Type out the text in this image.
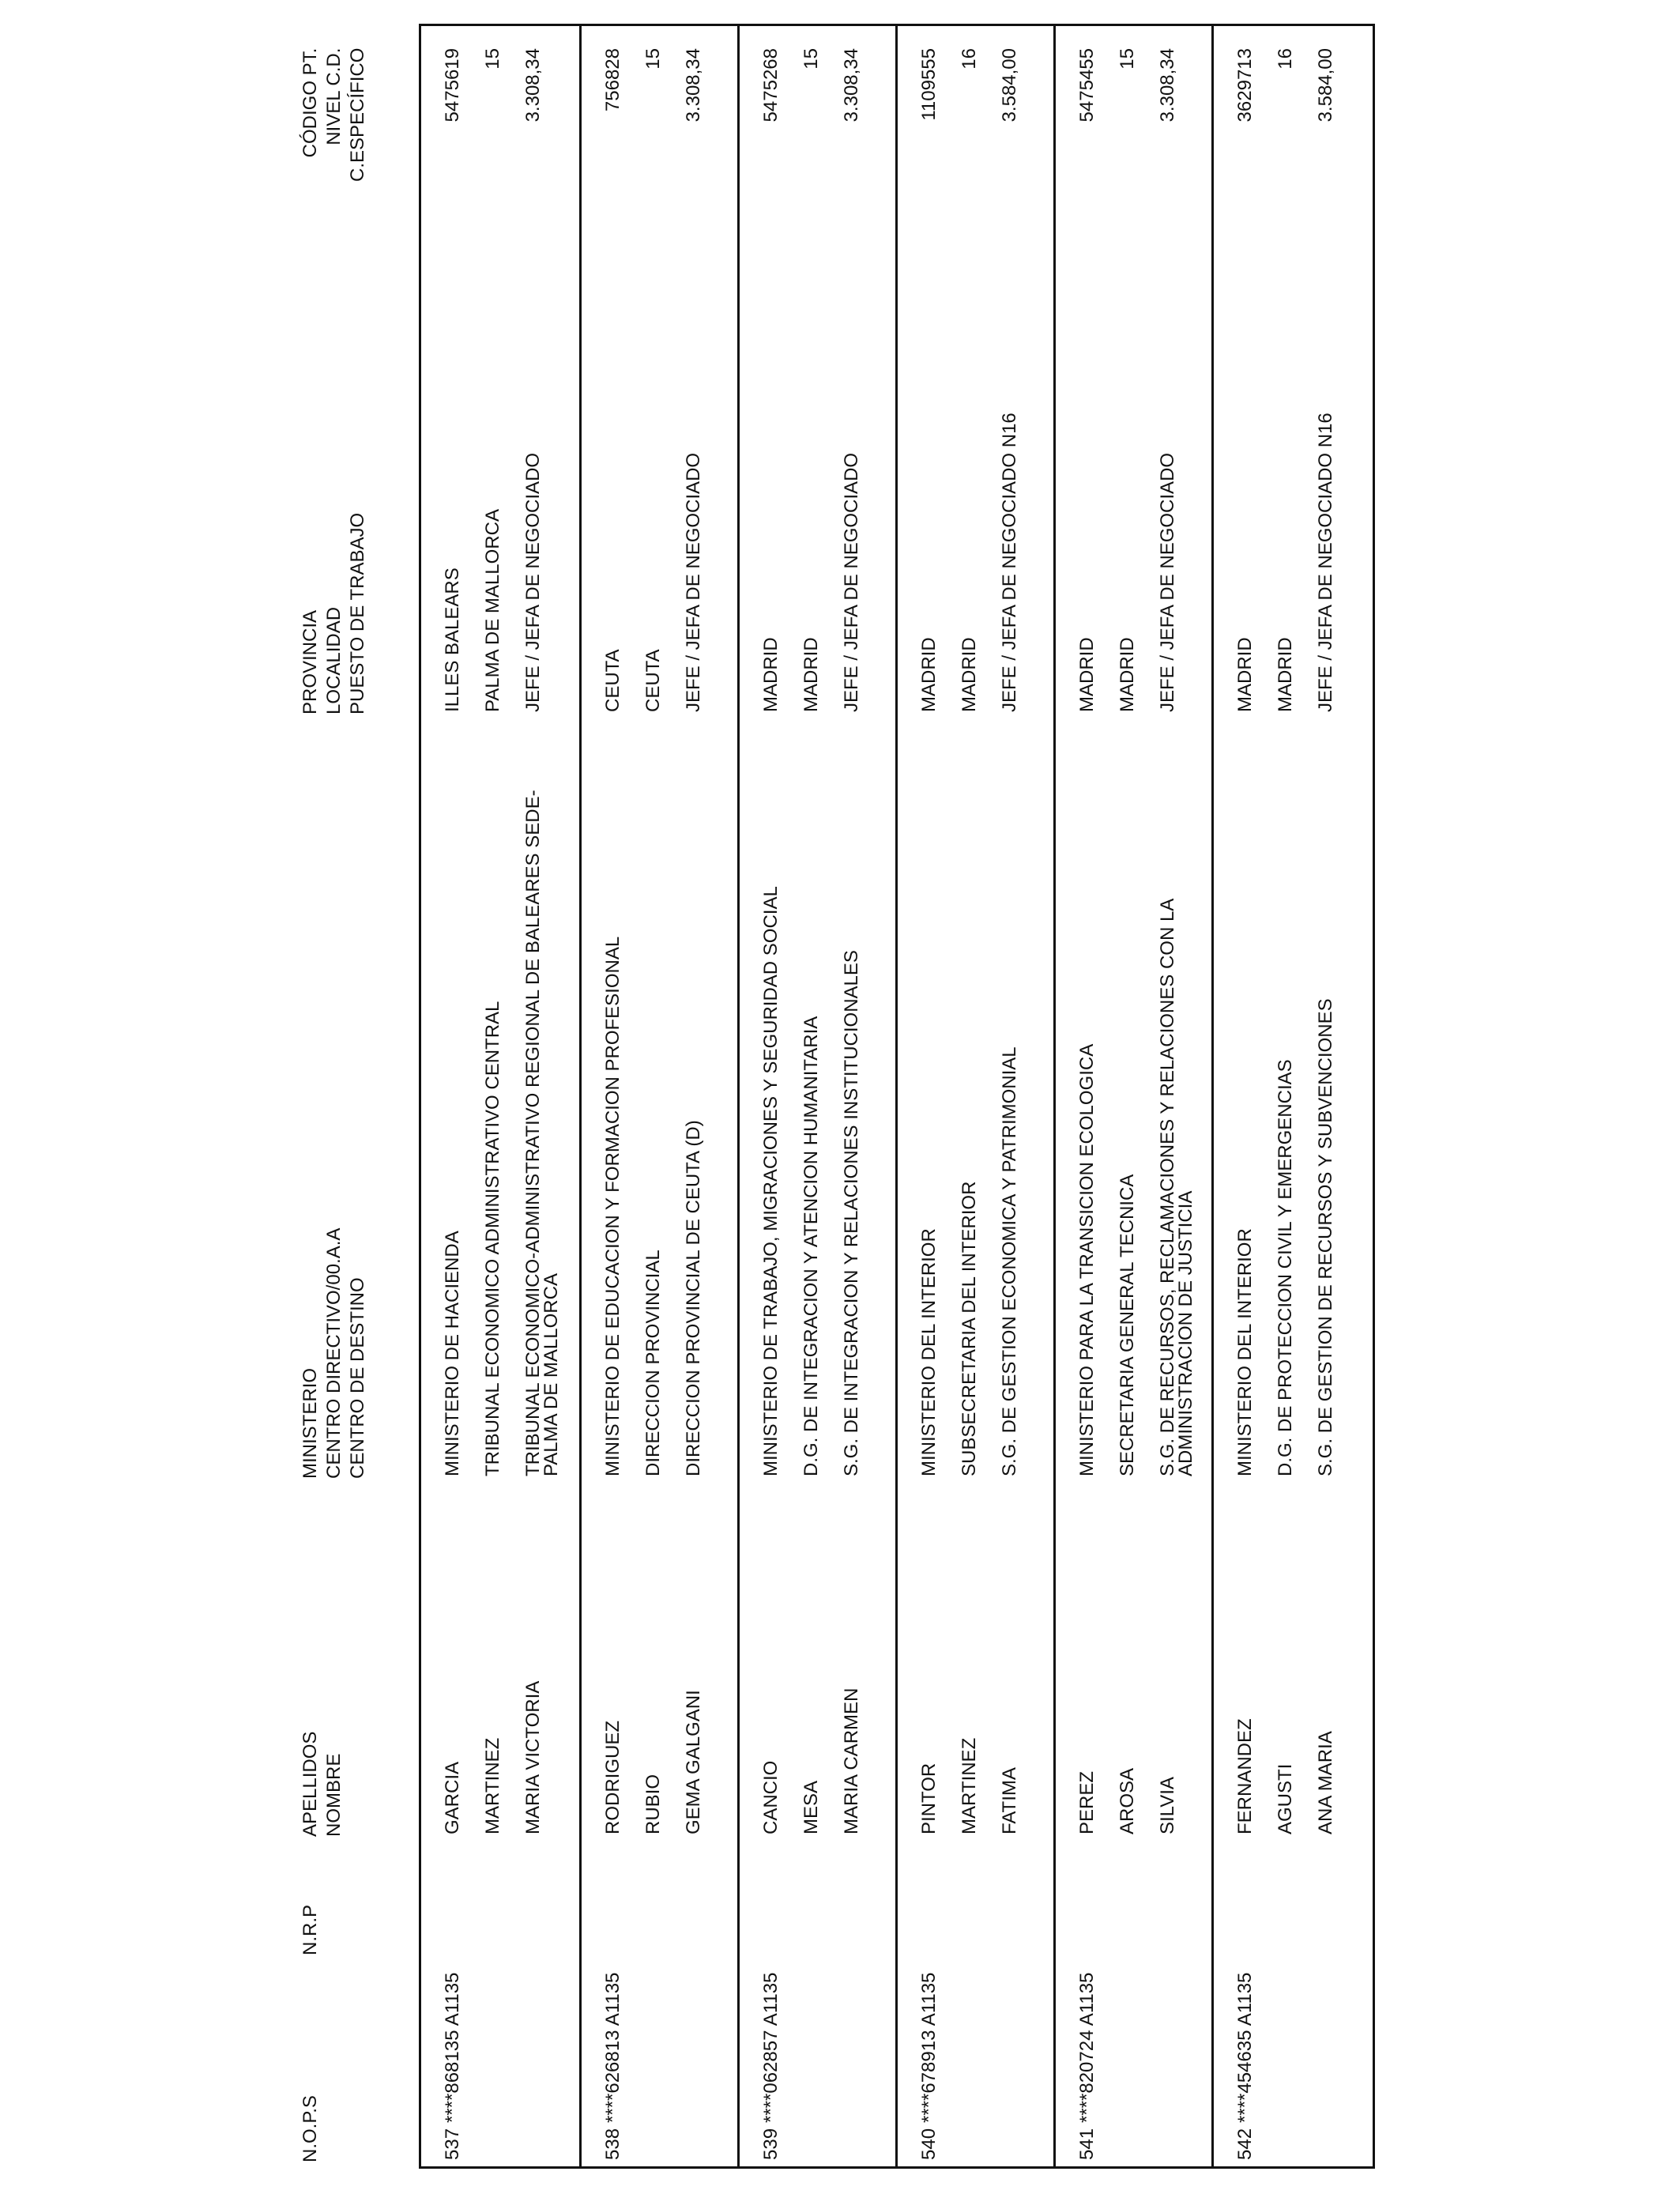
N.O.P.S
N.R.P
APELLIDOS NOMBRE
MINISTERIO CENTRO DIRECTIVO/00.A.A CENTRO DE DESTINO
PROVINCIA LOCALIDAD PUESTO DE TRABAJO
CÓDIGO PT. NIVEL C.D. C.ESPECÍFICO
537
****868135 A1135
GARCIA MARTINEZ MARIA VICTORIA
MINISTERIO DE HACIENDA TRIBUNAL ECONOMICO ADMINISTRATIVO CENTRAL TRIBUNAL ECONOMICO-ADMINISTRATIVO REGIONAL DE BALEARES SEDE-PALMA DE MALLORCA
ILLES BALEARS PALMA DE MALLORCA JEFE / JEFA DE NEGOCIADO
5475619 15 3.308,34
538
****626813 A1135
RODRIGUEZ RUBIO GEMA GALGANI
MINISTERIO DE EDUCACION Y FORMACION PROFESIONAL DIRECCION PROVINCIAL DIRECCION PROVINCIAL DE CEUTA (D)
CEUTA CEUTA JEFE / JEFA DE NEGOCIADO
756828 15 3.308,34
539
****062857 A1135
CANCIO MESA MARIA CARMEN
MINISTERIO DE TRABAJO, MIGRACIONES Y SEGURIDAD SOCIAL D.G. DE INTEGRACION Y ATENCION HUMANITARIA S.G. DE INTEGRACION Y RELACIONES INSTITUCIONALES
MADRID MADRID JEFE / JEFA DE NEGOCIADO
5475268 15 3.308,34
540
****678913 A1135
PINTOR MARTINEZ FATIMA
MINISTERIO DEL INTERIOR SUBSECRETARIA DEL INTERIOR S.G. DE GESTION ECONOMICA Y PATRIMONIAL
MADRID MADRID JEFE / JEFA DE NEGOCIADO N16
1109555 16 3.584,00
541
****820724 A1135
PEREZ AROSA SILVIA
MINISTERIO PARA LA TRANSICION ECOLOGICA SECRETARIA GENERAL TECNICA S.G. DE RECURSOS, RECLAMACIONES Y RELACIONES CON LA ADMINISTRACION DE JUSTICIA
MADRID MADRID JEFE / JEFA DE NEGOCIADO
5475455 15 3.308,34
542
****454635 A1135
FERNANDEZ AGUSTI ANA MARIA
MINISTERIO DEL INTERIOR D.G. DE PROTECCION CIVIL Y EMERGENCIAS S.G. DE GESTION DE RECURSOS Y SUBVENCIONES
MADRID MADRID JEFE / JEFA DE NEGOCIADO N16
3629713 16 3.584,00
